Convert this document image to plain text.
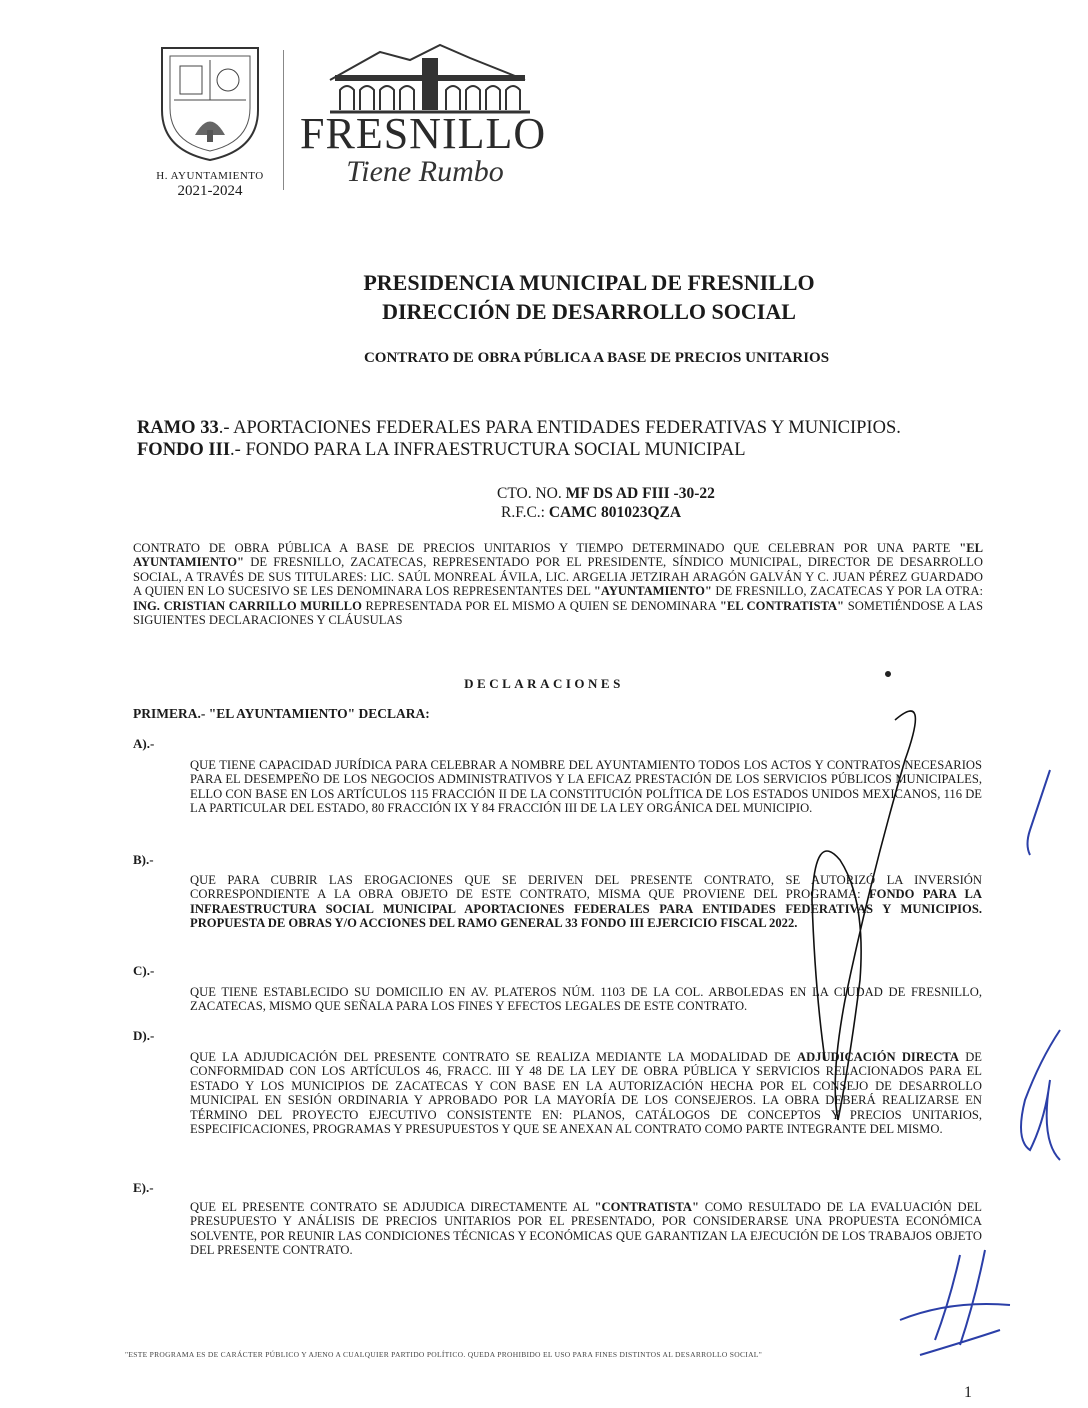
H. AYUNTAMIENTO
2021-2024
FRESNILLO
Tiene Rumbo
PRESIDENCIA MUNICIPAL DE FRESNILLO
DIRECCIÓN DE DESARROLLO SOCIAL
CONTRATO DE OBRA PÚBLICA A BASE DE PRECIOS UNITARIOS
RAMO 33.- APORTACIONES FEDERALES PARA ENTIDADES FEDERATIVAS Y MUNICIPIOS.
FONDO III.- FONDO PARA LA INFRAESTRUCTURA SOCIAL MUNICIPAL
CTO. NO. MF DS AD FIII -30-22
R.F.C.: CAMC 801023QZA
CONTRATO DE OBRA PÚBLICA A BASE DE PRECIOS UNITARIOS Y TIEMPO DETERMINADO QUE CELEBRAN POR UNA PARTE "EL AYUNTAMIENTO" DE FRESNILLO, ZACATECAS, REPRESENTADO POR EL PRESIDENTE, SÍNDICO MUNICIPAL, DIRECTOR DE DESARROLLO SOCIAL, A TRAVÉS DE SUS TITULARES: LIC. SAÚL MONREAL ÁVILA, LIC. ARGELIA JETZIRAH ARAGÓN GALVÁN Y C. JUAN PÉREZ GUARDADO A QUIEN EN LO SUCESIVO SE LES DENOMINARA LOS REPRESENTANTES DEL "AYUNTAMIENTO" DE FRESNILLO, ZACATECAS Y POR LA OTRA: ING. CRISTIAN CARRILLO MURILLO REPRESENTADA POR EL MISMO A QUIEN SE DENOMINARA "EL CONTRATISTA" SOMETIÉNDOSE A LAS SIGUIENTES DECLARACIONES Y CLÁUSULAS
DECLARACIONES
PRIMERA.- "EL AYUNTAMIENTO" DECLARA:
A).-
QUE TIENE CAPACIDAD JURÍDICA PARA CELEBRAR A NOMBRE DEL AYUNTAMIENTO TODOS LOS ACTOS Y CONTRATOS NECESARIOS PARA EL DESEMPEÑO DE LOS NEGOCIOS ADMINISTRATIVOS Y LA EFICAZ PRESTACIÓN DE LOS SERVICIOS PÚBLICOS MUNICIPALES, ELLO CON BASE EN LOS ARTÍCULOS 115 FRACCIÓN II DE LA CONSTITUCIÓN POLÍTICA DE LOS ESTADOS UNIDOS MEXICANOS, 116 DE LA PARTICULAR DEL ESTADO, 80 FRACCIÓN IX Y 84 FRACCIÓN III DE LA LEY ORGÁNICA DEL MUNICIPIO.
B).-
QUE PARA CUBRIR LAS EROGACIONES QUE SE DERIVEN DEL PRESENTE CONTRATO, SE AUTORIZÓ LA INVERSIÓN CORRESPONDIENTE A LA OBRA OBJETO DE ESTE CONTRATO, MISMA QUE PROVIENE DEL PROGRAMA: FONDO PARA LA INFRAESTRUCTURA SOCIAL MUNICIPAL APORTACIONES FEDERALES PARA ENTIDADES FEDERATIVAS Y MUNICIPIOS. PROPUESTA DE OBRAS Y/O ACCIONES DEL RAMO GENERAL 33 FONDO III EJERCICIO FISCAL 2022.
C).-
QUE TIENE ESTABLECIDO SU DOMICILIO EN AV. PLATEROS NÚM. 1103 DE LA COL. ARBOLEDAS EN LA CIUDAD DE FRESNILLO, ZACATECAS, MISMO QUE SEÑALA PARA LOS FINES Y EFECTOS LEGALES DE ESTE CONTRATO.
D).-
QUE LA ADJUDICACIÓN DEL PRESENTE CONTRATO SE REALIZA MEDIANTE LA MODALIDAD DE ADJUDICACIÓN DIRECTA DE CONFORMIDAD CON LOS ARTÍCULOS 46, FRACC. III Y 48 DE LA LEY DE OBRA PÚBLICA Y SERVICIOS RELACIONADOS PARA EL ESTADO Y LOS MUNICIPIOS DE ZACATECAS Y CON BASE EN LA AUTORIZACIÓN HECHA POR EL CONSEJO DE DESARROLLO MUNICIPAL EN SESIÓN ORDINARIA Y APROBADO POR LA MAYORÍA DE LOS CONSEJEROS. LA OBRA DEBERÁ REALIZARSE EN TÉRMINO DEL PROYECTO EJECUTIVO CONSISTENTE EN: PLANOS, CATÁLOGOS DE CONCEPTOS Y PRECIOS UNITARIOS, ESPECIFICACIONES, PROGRAMAS Y PRESUPUESTOS Y QUE SE ANEXAN AL CONTRATO COMO PARTE INTEGRANTE DEL MISMO.
E).-
QUE EL PRESENTE CONTRATO SE ADJUDICA DIRECTAMENTE AL "CONTRATISTA" COMO RESULTADO DE LA EVALUACIÓN DEL PRESUPUESTO Y ANÁLISIS DE PRECIOS UNITARIOS POR EL PRESENTADO, POR CONSIDERARSE UNA PROPUESTA ECONÓMICA SOLVENTE, POR REUNIR LAS CONDICIONES TÉCNICAS Y ECONÓMICAS QUE GARANTIZAN LA EJECUCIÓN DE LOS TRABAJOS OBJETO DEL PRESENTE CONTRATO.
"ESTE PROGRAMA ES DE CARÁCTER PÚBLICO Y AJENO A CUALQUIER PARTIDO POLÍTICO. QUEDA PROHIBIDO EL USO PARA FINES DISTINTOS AL DESARROLLO SOCIAL"
1
